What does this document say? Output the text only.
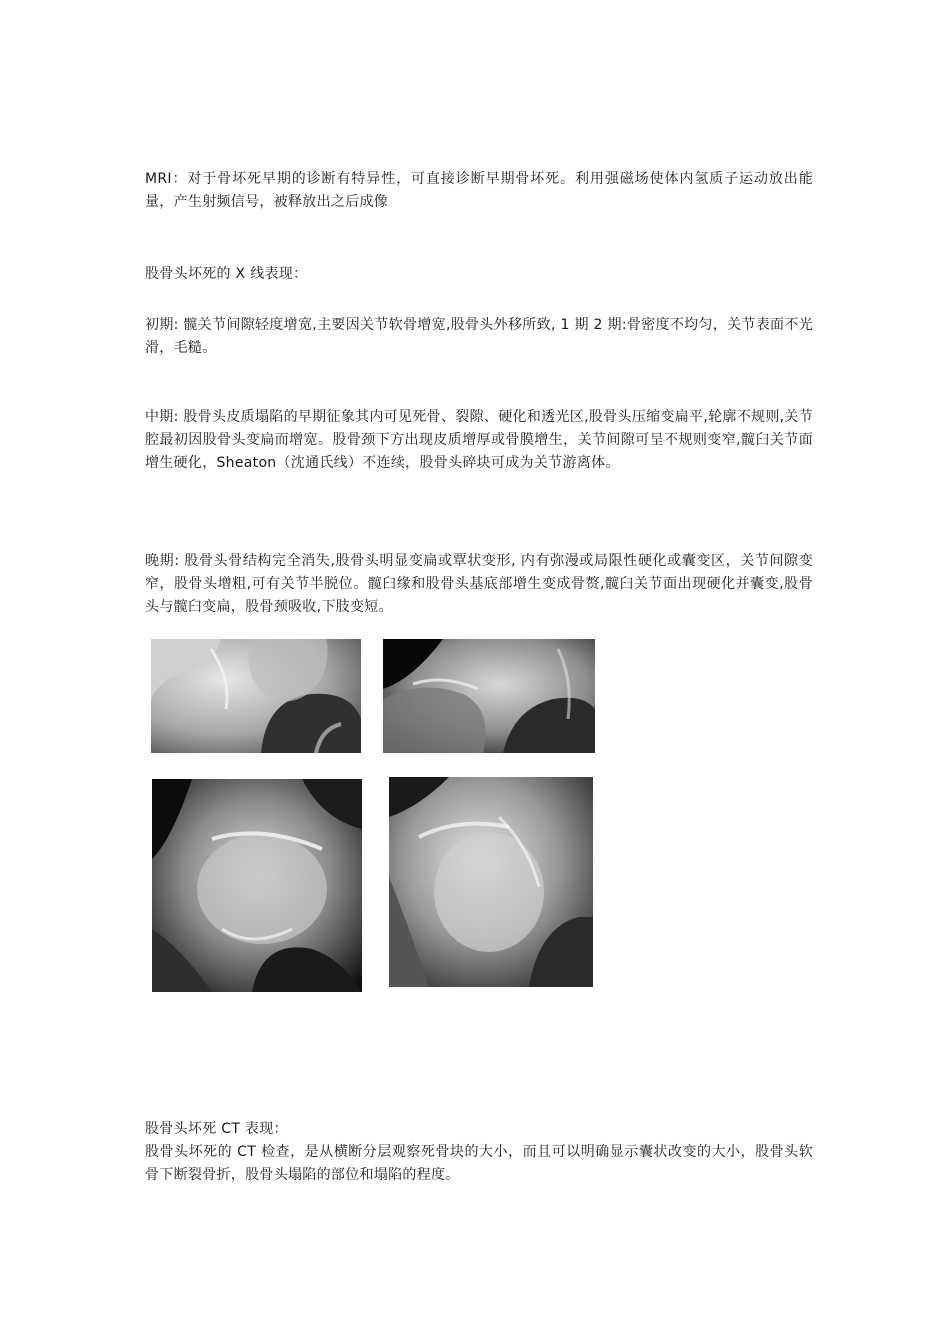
MRI：对于骨坏死早期的诊断有特异性，可直接诊断早期骨坏死。利用强磁场使体内氢质子运动放出能量，产生射频信号，被释放出之后成像

股骨头坏死的 X 线表现：

初期: 髋关节间隙轻度增宽,主要因关节软骨增宽,股骨头外移所致, 1 期 2 期:骨密度不均匀，关节表面不光滑，毛糙。

中期: 股骨头皮质塌陷的早期征象其内可见死骨、裂隙、硬化和透光区,股骨头压缩变扁平,轮廓不规则,关节腔最初因股骨头变扁而增宽。股骨颈下方出现皮质增厚或骨膜增生，关节间隙可呈不规则变窄,髋臼关节面增生硬化，Sheaton（沈通氏线）不连续，股骨头碎块可成为关节游离体。

晚期: 股骨头骨结构完全消失,股骨头明显变扁或覃状变形, 内有弥漫或局限性硬化或囊变区，关节间隙变窄，股骨头增粗,可有关节半脱位。髋臼缘和股骨头基底部增生变成骨赘,髋臼关节面出现硬化并囊变,股骨头与髋臼变扁，股骨颈吸收,下肢变短。

股骨头坏死 CT 表现：

股骨头坏死的 CT 检查，是从横断分层观察死骨块的大小，而且可以明确显示囊状改变的大小，股骨头软骨下断裂骨折，股骨头塌陷的部位和塌陷的程度。
